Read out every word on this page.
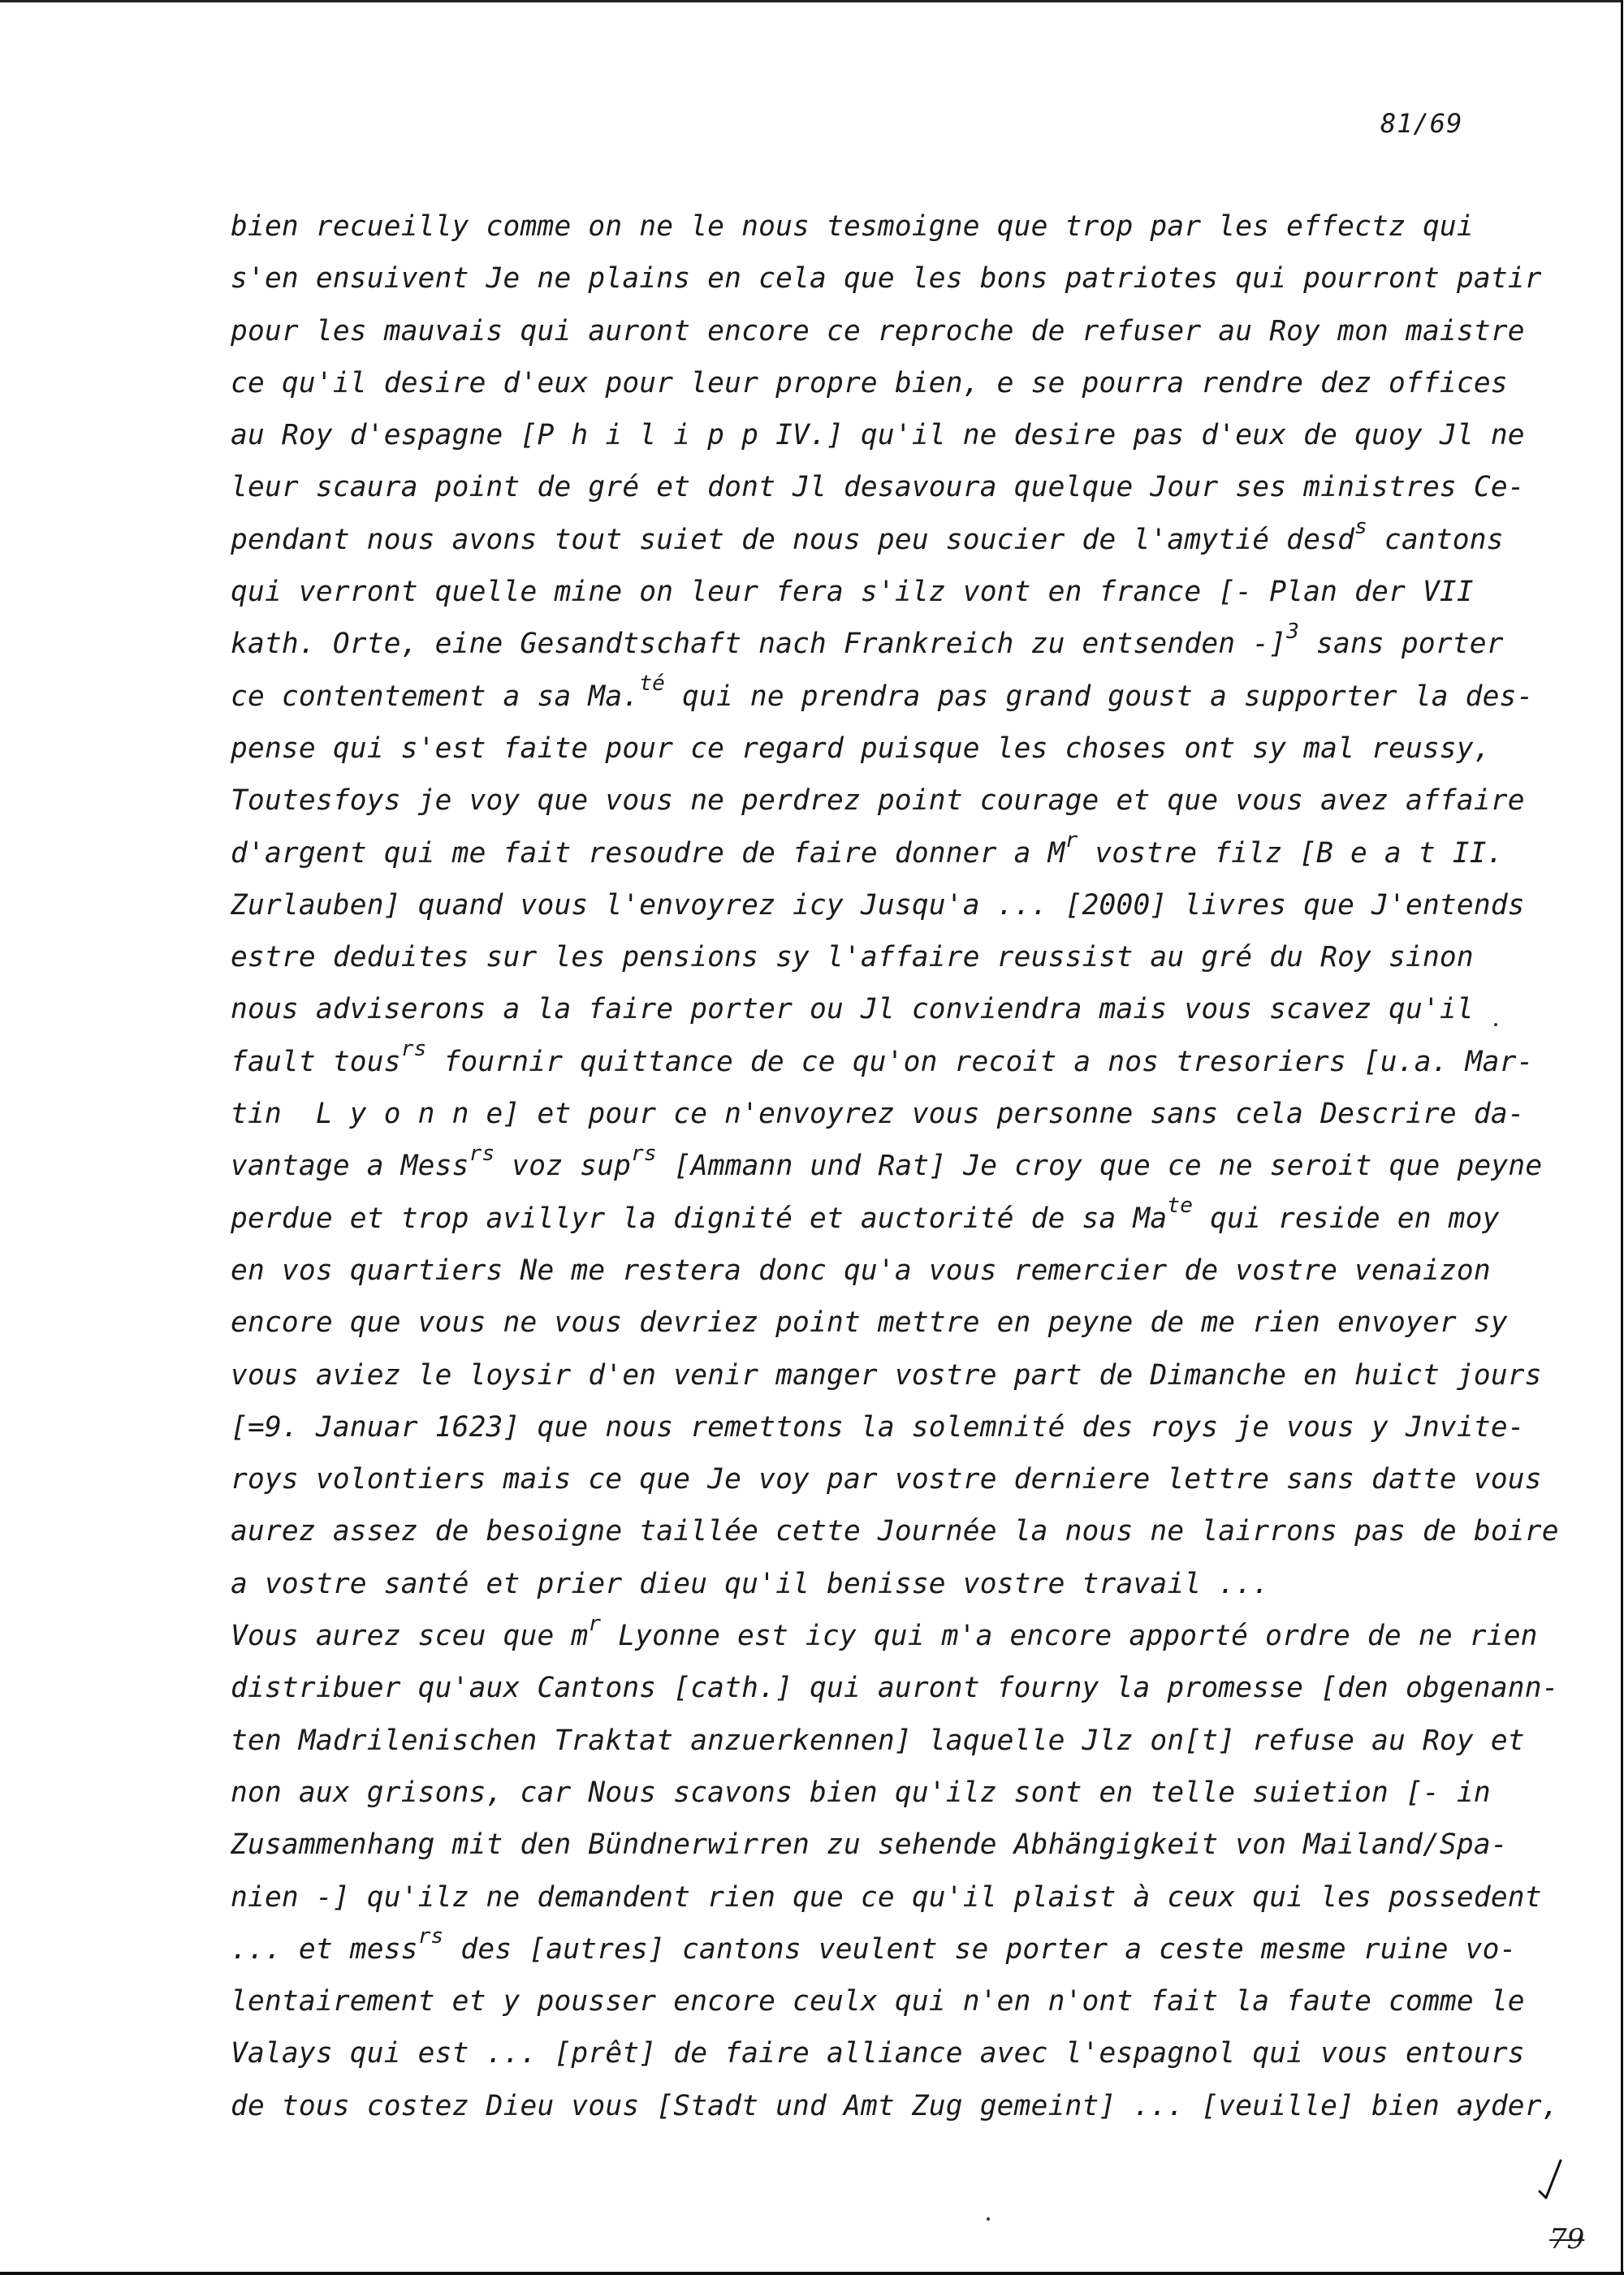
81/69
bien recueilly comme on ne le nous tesmoigne que trop par les effectz qui
s'en ensuivent Je ne plains en cela que les bons patriotes qui pourront patir
pour les mauvais qui auront encore ce reproche de refuser au Roy mon maistre
ce qu'il desire d'eux pour leur propre bien, e se pourra rendre dez offices
au Roy d'espagne [P h i l i p p IV.] qu'il ne desire pas d'eux de quoy Jl ne
leur scaura point de gré et dont Jl desavoura quelque Jour ses ministres Ce-
pendant nous avons tout suiet de nous peu soucier de l'amytié desd$^s$ cantons
qui verront quelle mine on leur fera s'ilz vont en france [- Plan der VII
kath. Orte, eine Gesandtschaft nach Frankreich zu entsenden -]$^3$ sans porter
ce contentement a sa Ma.$^{té}$ qui ne prendra pas grand goust a supporter la des-
pense qui s'est faite pour ce regard puisque les choses ont sy mal reussy,
Toutesfoys je voy que vous ne perdrez point courage et que vous avez affaire
d'argent qui me fait resoudre de faire donner a $M^r$ vostre filz [B e a t II.
Zurlauben] quand vous l'envoyrez icy Jusqu'a ... [2000] livres que J'entends
estre deduites sur les pensions sy l'affaire reussist au gré du Roy sinon
nous adviserons a la faire porter ou Jl conviendra mais vous scavez qu'il
fault tous$^{rs}$ fournir quittance de ce qu'on recoit a nos tresoriers [u.a. Mar-
tin  L y o n n e] et pour ce n'envoyrez vous personne sans cela Descrire da-
vantage a Mess$^{rs}$ voz sup$^{rs}$ [Ammann und Rat] Je croy que ce ne seroit que peyne
perdue et trop avillyr la dignité et auctorité de sa $Ma^{te}$ qui reside en moy
en vos quartiers Ne me restera donc qu'a vous remercier de vostre venaizon
encore que vous ne vous devriez point mettre en peyne de me rien envoyer sy
vous aviez le loysir d'en venir manger vostre part de Dimanche en huict jours
[=9. Januar 1623] que nous remettons la solemnité des roys je vous y Jnvite-
roys volontiers mais ce que Je voy par vostre derniere lettre sans datte vous
aurez assez de besoigne taillée cette Journée la nous ne lairrons pas de boire
a vostre santé et prier dieu qu'il benisse vostre travail ...
Vous aurez sceu que $m^r$ Lyonne est icy qui m'a encore apporté ordre de ne rien
distribuer qu'aux Cantons [cath.] qui auront fourny la promesse [den obgenann-
ten Madrilenischen Traktat anzuerkennen] laquelle Jlz on[t] refuse au Roy et
non aux grisons, car Nous scavons bien qu'ilz sont en telle suietion [- in
Zusammenhang mit den Bündnerwirren zu sehende Abhängigkeit von Mailand/Spa-
nien -] qu'ilz ne demandent rien que ce qu'il plaist à ceux qui les possedent
... et mess$^{rs}$ des [autres] cantons veulent se porter a ceste mesme ruine vo-
lentairement et y pousser encore ceulx qui n'en n'ont fait la faute comme le
Valays qui est ... [prêt] de faire alliance avec l'espagnol qui vous entours
de tous costez Dieu vous [Stadt und Amt Zug gemeint] ... [veuille] bien ayder,
79
